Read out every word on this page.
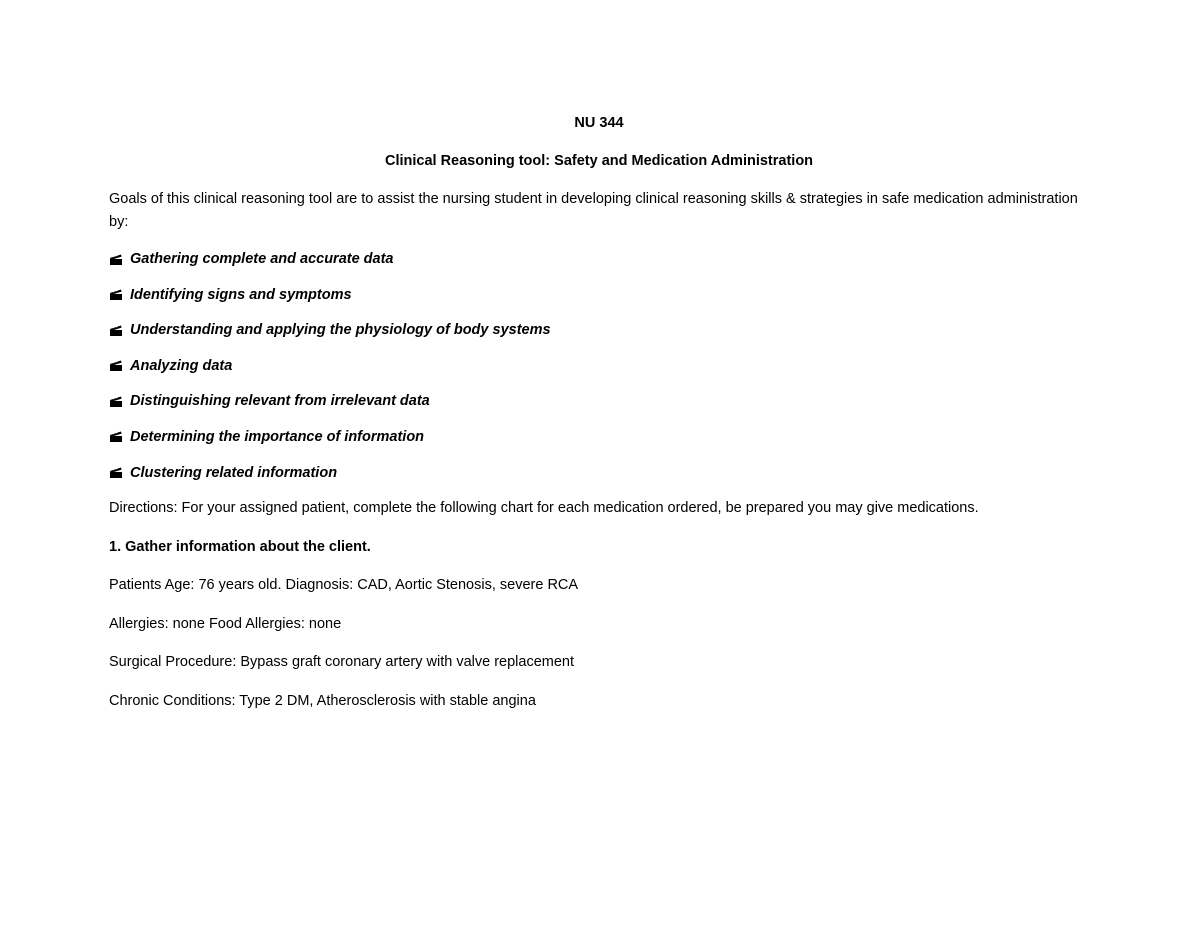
NU 344

Clinical Reasoning tool: Safety and Medication Administration

Goals of this clinical reasoning tool are to assist the nursing student in developing clinical reasoning skills & strategies in safe medication administration by:

Gathering complete and accurate data
Identifying signs and symptoms
Understanding and applying the physiology of body systems
Analyzing data
Distinguishing relevant from irrelevant data
Determining the importance of information
Clustering related information

Directions: For your assigned patient, complete the following chart for each medication ordered, be prepared you may give medications.

1. Gather information about the client.

Patients Age: 76 years old. Diagnosis: CAD, Aortic Stenosis, severe RCA

Allergies: none Food Allergies: none

Surgical Procedure: Bypass graft coronary artery with valve replacement

Chronic Conditions: Type 2 DM, Atherosclerosis with stable angina
